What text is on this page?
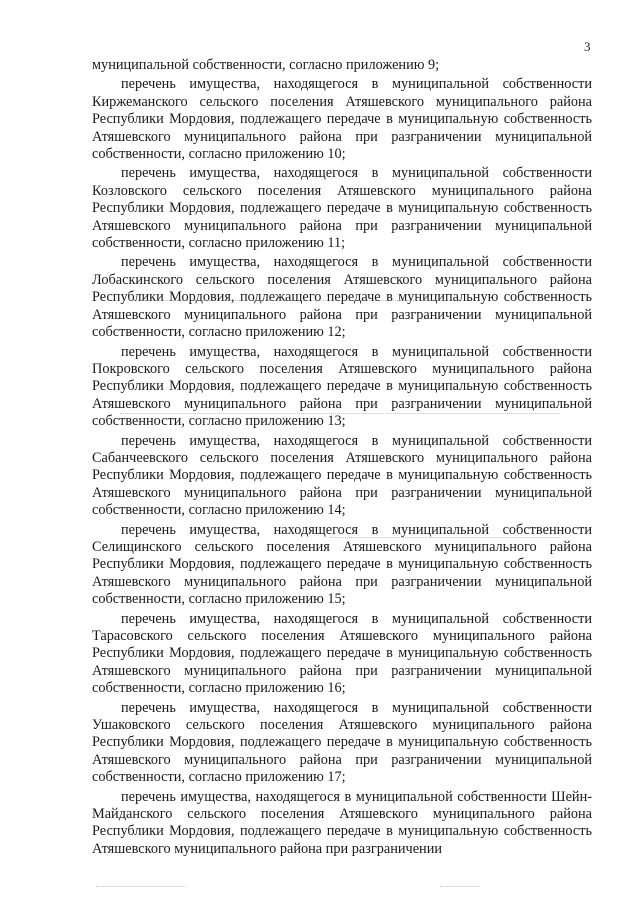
3

муниципальной собственности, согласно приложению 9;

перечень имущества, находящегося в муниципальной собственности Киржеманского сельского поселения Атяшевского муниципального района Республики Мордовия, подлежащего передаче в муниципальную собственность Атяшевского муниципального района при разграничении муниципальной собственности, согласно приложению 10;

перечень имущества, находящегося в муниципальной собственности Козловского сельского поселения Атяшевского муниципального района Республики Мордовия, подлежащего передаче в муниципальную собственность Атяшевского муниципального района при разграничении муниципальной собственности, согласно приложению 11;

перечень имущества, находящегося в муниципальной собственности Лобаскинского сельского поселения Атяшевского муниципального района Республики Мордовия, подлежащего передаче в муниципальную собственность Атяшевского муниципального района при разграничении муниципальной собственности, согласно приложению 12;

перечень имущества, находящегося в муниципальной собственности Покровского сельского поселения Атяшевского муниципального района Республики Мордовия, подлежащего передаче в муниципальную собственность Атяшевского муниципального района при разграничении муниципальной собственности, согласно приложению 13;

перечень имущества, находящегося в муниципальной собственности Сабанчеевского сельского поселения Атяшевского муниципального района Республики Мордовия, подлежащего передаче в муниципальную собственность Атяшевского муниципального района при разграничении муниципальной собственности, согласно приложению 14;

перечень имущества, находящегося в муниципальной собственности Селищинского сельского поселения Атяшевского муниципального района Республики Мордовия, подлежащего передаче в муниципальную собственность Атяшевского муниципального района при разграничении муниципальной собственности, согласно приложению 15;

перечень имущества, находящегося в муниципальной собственности Тарасовского сельского поселения Атяшевского муниципального района Республики Мордовия, подлежащего передаче в муниципальную собственность Атяшевского муниципального района при разграничении муниципальной собственности, согласно приложению 16;

перечень имущества, находящегося в муниципальной собственности Ушаковского сельского поселения Атяшевского муниципального района Республики Мордовия, подлежащего передаче в муниципальную собственность Атяшевского муниципального района при разграничении муниципальной собственности, согласно приложению 17;

перечень имущества, находящегося в муниципальной собственности Шейн-Майданского сельского поселения Атяшевского муниципального района Республики Мордовия, подлежащего передаче в муниципальную собственность Атяшевского муниципального района при разграничении
